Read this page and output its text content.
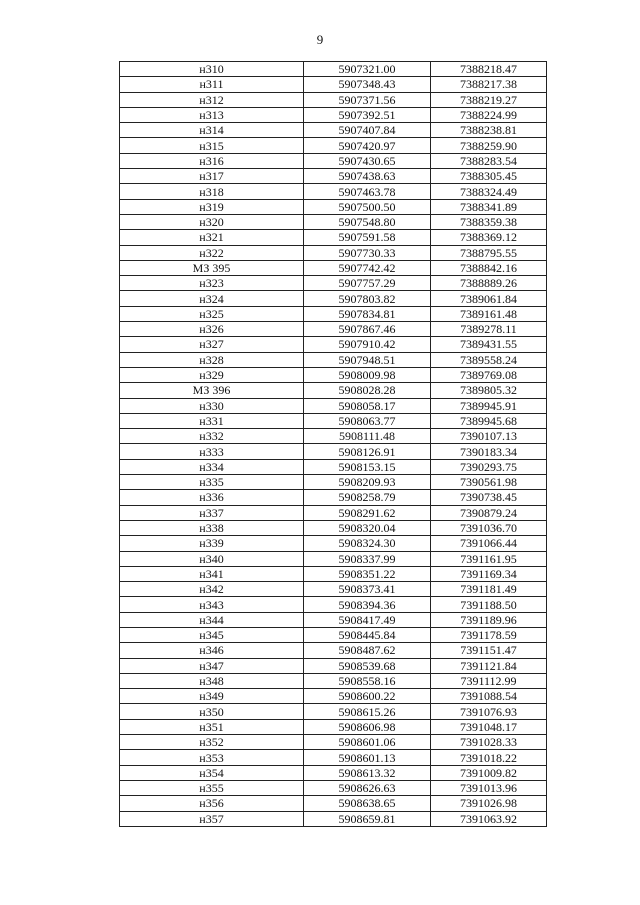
9
н310	5907321.00	7388218.47
н311	5907348.43	7388217.38
н312	5907371.56	7388219.27
н313	5907392.51	7388224.99
н314	5907407.84	7388238.81
н315	5907420.97	7388259.90
н316	5907430.65	7388283.54
н317	5907438.63	7388305.45
н318	5907463.78	7388324.49
н319	5907500.50	7388341.89
н320	5907548.80	7388359.38
н321	5907591.58	7388369.12
н322	5907730.33	7388795.55
МЗ 395	5907742.42	7388842.16
н323	5907757.29	7388889.26
н324	5907803.82	7389061.84
н325	5907834.81	7389161.48
н326	5907867.46	7389278.11
н327	5907910.42	7389431.55
н328	5907948.51	7389558.24
н329	5908009.98	7389769.08
МЗ 396	5908028.28	7389805.32
н330	5908058.17	7389945.91
н331	5908063.77	7389945.68
н332	5908111.48	7390107.13
н333	5908126.91	7390183.34
н334	5908153.15	7390293.75
н335	5908209.93	7390561.98
н336	5908258.79	7390738.45
н337	5908291.62	7390879.24
н338	5908320.04	7391036.70
н339	5908324.30	7391066.44
н340	5908337.99	7391161.95
н341	5908351.22	7391169.34
н342	5908373.41	7391181.49
н343	5908394.36	7391188.50
н344	5908417.49	7391189.96
н345	5908445.84	7391178.59
н346	5908487.62	7391151.47
н347	5908539.68	7391121.84
н348	5908558.16	7391112.99
н349	5908600.22	7391088.54
н350	5908615.26	7391076.93
н351	5908606.98	7391048.17
н352	5908601.06	7391028.33
н353	5908601.13	7391018.22
н354	5908613.32	7391009.82
н355	5908626.63	7391013.96
н356	5908638.65	7391026.98
н357	5908659.81	7391063.92
